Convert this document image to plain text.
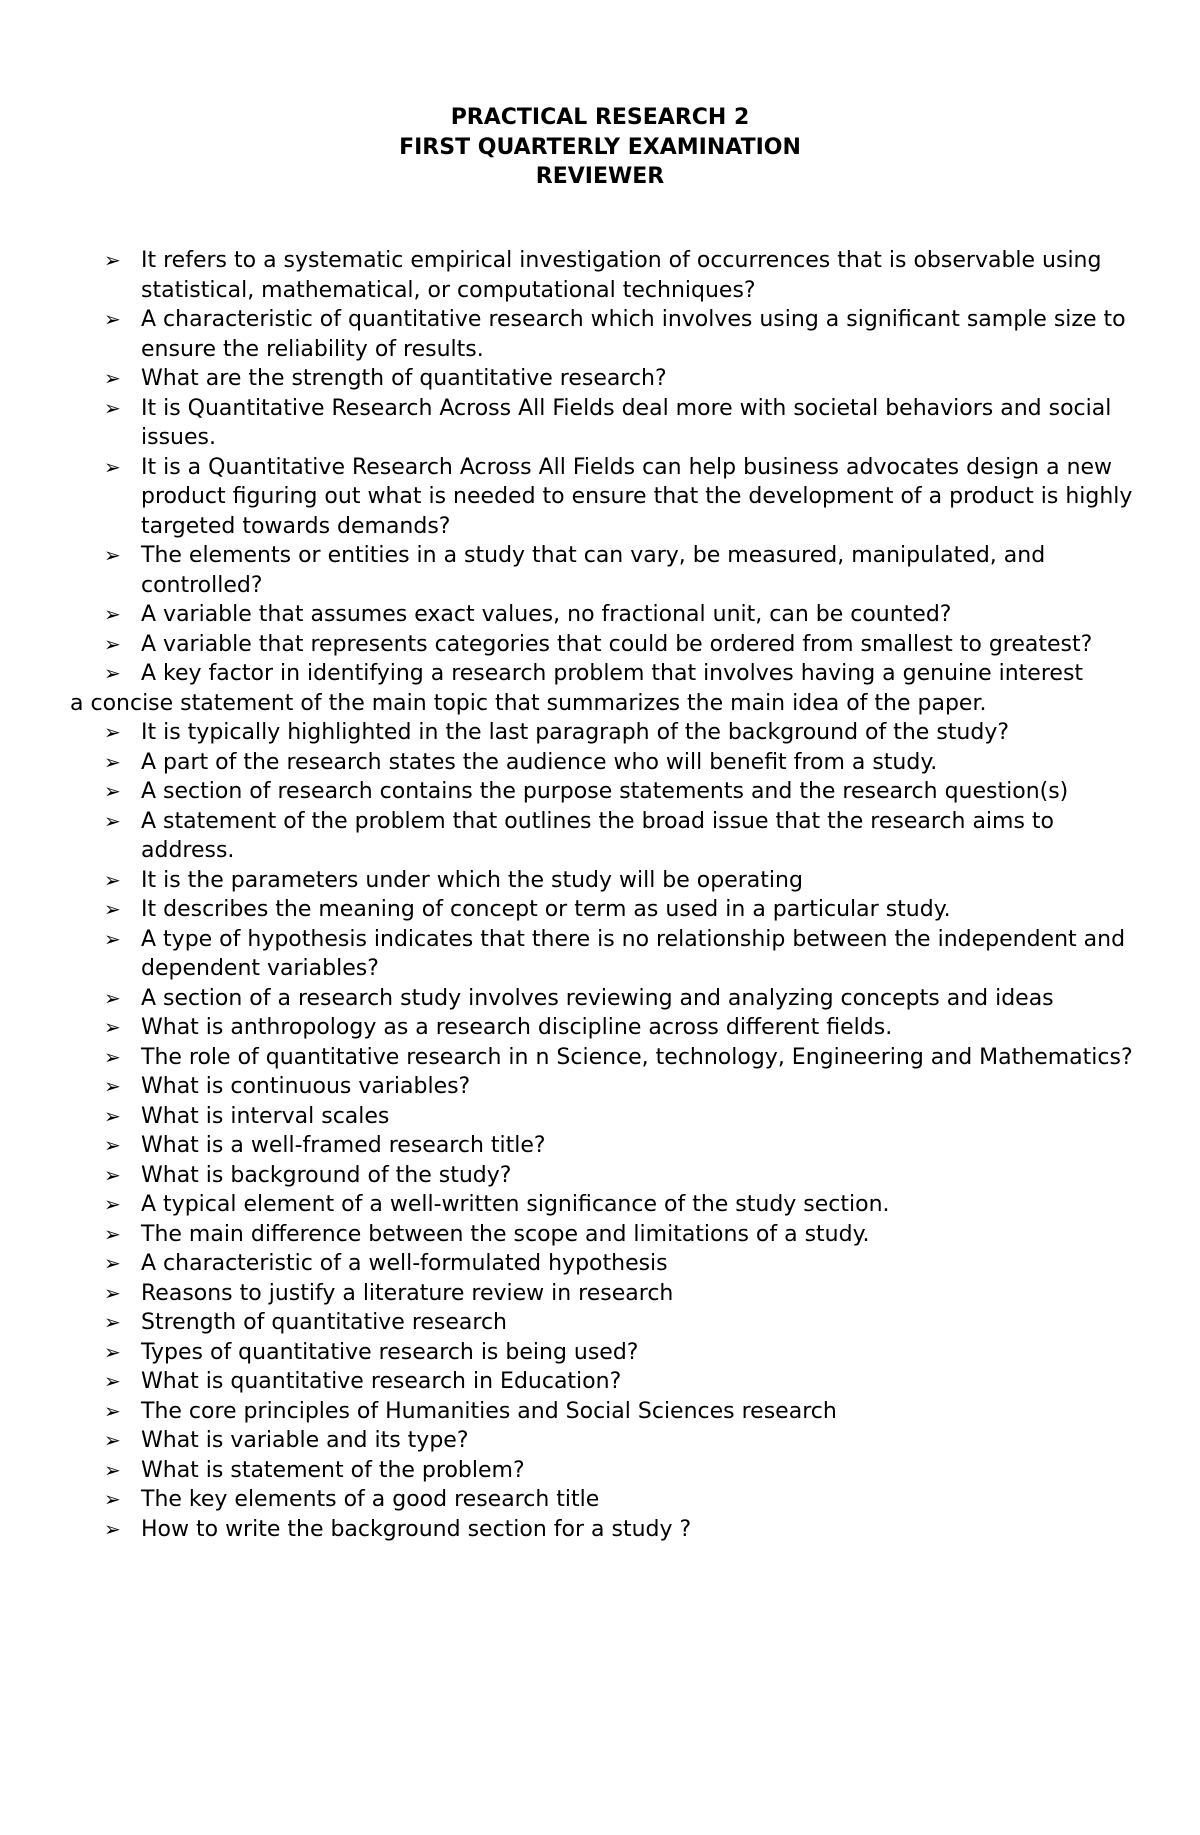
PRACTICAL RESEARCH 2
FIRST QUARTERLY EXAMINATION
REVIEWER
➢ It refers to a systematic empirical investigation of occurrences that is observable using statistical, mathematical, or computational techniques?
➢ A characteristic of quantitative research which involves using a significant sample size to ensure the reliability of results.
➢ What are the strength of quantitative research?
➢ It is Quantitative Research Across All Fields deal more with societal behaviors and social issues.
➢ It is a Quantitative Research Across All Fields can help business advocates design a new product figuring out what is needed to ensure that the development of a product is highly targeted towards demands?
➢ The elements or entities in a study that can vary, be measured, manipulated, and controlled?
➢ A variable that assumes exact values, no fractional unit, can be counted?
➢ A variable that represents categories that could be ordered from smallest to greatest?
➢ A key factor in identifying a research problem that involves having a genuine interest
a concise statement of the main topic that summarizes the main idea of the paper.
➢ It is typically highlighted in the last paragraph of the background of the study?
➢ A part of the research states the audience who will benefit from a study.
➢ A section of research contains the purpose statements and the research question(s)
➢ A statement of the problem that outlines the broad issue that the research aims to address.
➢ It is the parameters under which the study will be operating
➢ It describes the meaning of concept or term as used in a particular study.
➢ A type of hypothesis indicates that there is no relationship between the independent and dependent variables?
➢ A section of a research study involves reviewing and analyzing concepts and ideas
➢ What is anthropology as a research discipline across different fields.
➢ The role of quantitative research in n Science, technology, Engineering and Mathematics?
➢ What is continuous variables?
➢ What is interval scales
➢ What is a well-framed research title?
➢ What is background of the study?
➢ A typical element of a well-written significance of the study section.
➢ The main difference between the scope and limitations of a study.
➢ A characteristic of a well-formulated hypothesis
➢ Reasons to justify a literature review in research
➢ Strength of quantitative research
➢ Types of quantitative research is being used?
➢ What is quantitative research in Education?
➢ The core principles of Humanities and Social Sciences research
➢ What is variable and its type?
➢ What is statement of the problem?
➢ The key elements of a good research title
➢ How to write the background section for a study ?
